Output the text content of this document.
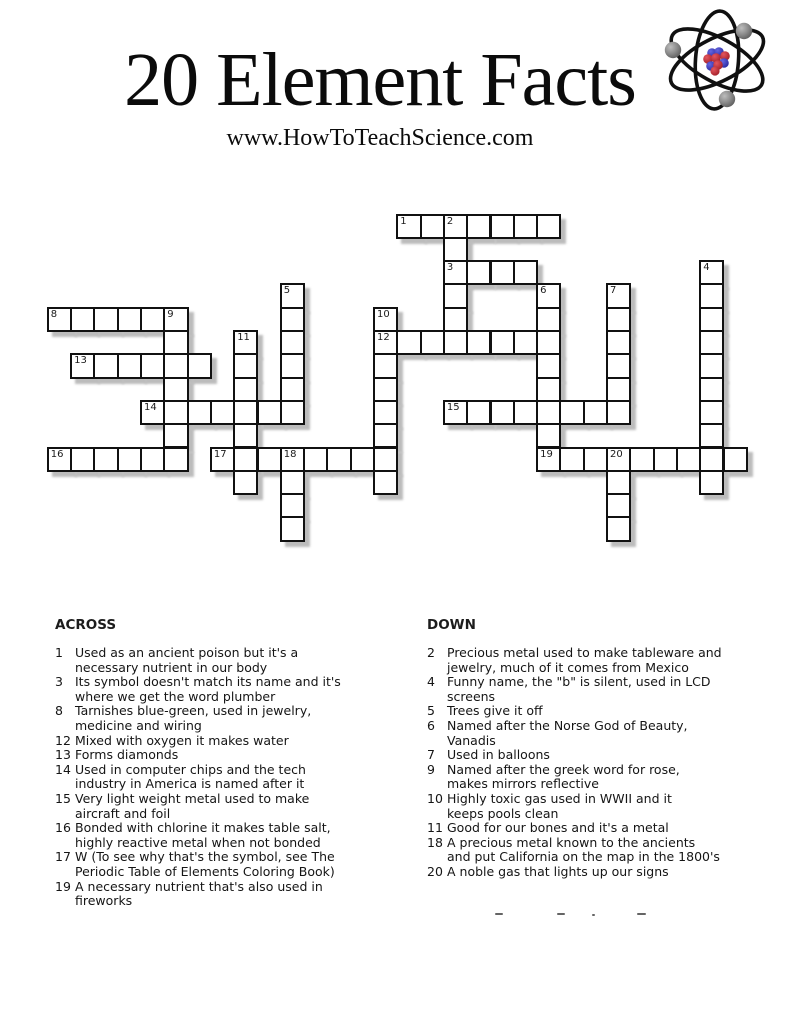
20 Element Facts
www.HowToTeachScience.com
1	2
3
8	9
12
13
14	15
16	17	18	19	20
4
5	6	7
10
11
ACROSS
1 Used as an ancient poison but it's a
necessary nutrient in our body
3 Its symbol doesn't match its name and it's
where we get the word plumber
8 Tarnishes blue-green, used in jewelry,
medicine and wiring
12 Mixed with oxygen it makes water
13 Forms diamonds
14 Used in computer chips and the tech
industry in America is named after it
15 Very light weight metal used to make
aircraft and foil
16 Bonded with chlorine it makes table salt,
highly reactive metal when not bonded
17 W (To see why that's the symbol, see The
Periodic Table of Elements Coloring Book)
19 A necessary nutrient that's also used in
fireworks
DOWN
2 Precious metal used to make tableware and
jewelry, much of it comes from Mexico
4 Funny name, the "b" is silent, used in LCD
screens
5 Trees give it off
6 Named after the Norse God of Beauty,
Vanadis
7 Used in balloons
9 Named after the greek word for rose,
makes mirrors reflective
10 Highly toxic gas used in WWII and it
keeps pools clean
11 Good for our bones and it's a metal
18 A precious metal known to the ancients
and put California on the map in the 1800's
20 A noble gas that lights up our signs
